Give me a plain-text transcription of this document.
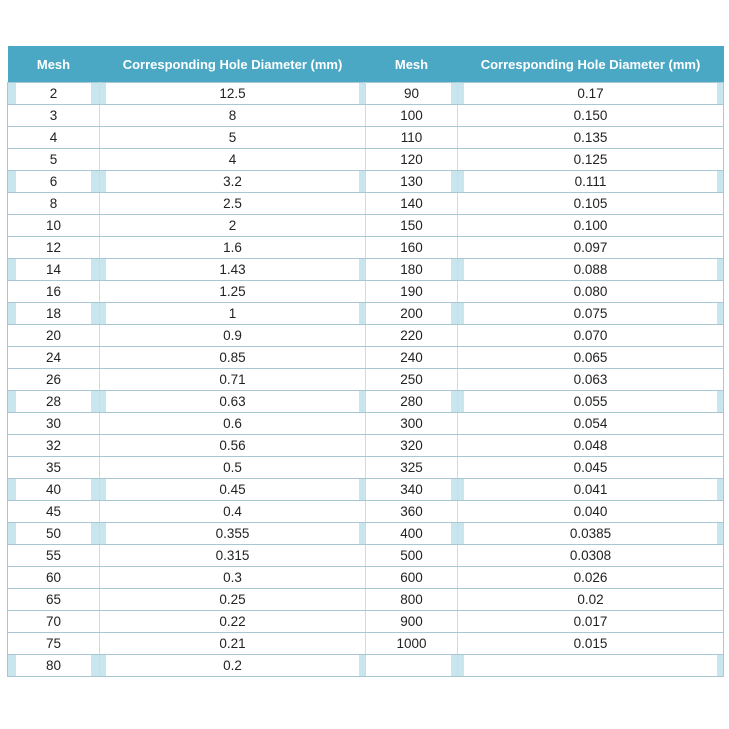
Mesh	Corresponding Hole Diameter (mm)	Mesh	Corresponding Hole Diameter (mm)
2	12.5	90	0.17
3	8	100	0.150
4	5	110	0.135
5	4	120	0.125
6	3.2	130	0.111
8	2.5	140	0.105
10	2	150	0.100
12	1.6	160	0.097
14	1.43	180	0.088
16	1.25	190	0.080
18	1	200	0.075
20	0.9	220	0.070
24	0.85	240	0.065
26	0.71	250	0.063
28	0.63	280	0.055
30	0.6	300	0.054
32	0.56	320	0.048
35	0.5	325	0.045
40	0.45	340	0.041
45	0.4	360	0.040
50	0.355	400	0.0385
55	0.315	500	0.0308
60	0.3	600	0.026
65	0.25	800	0.02
70	0.22	900	0.017
75	0.21	1000	0.015
80	0.2		
